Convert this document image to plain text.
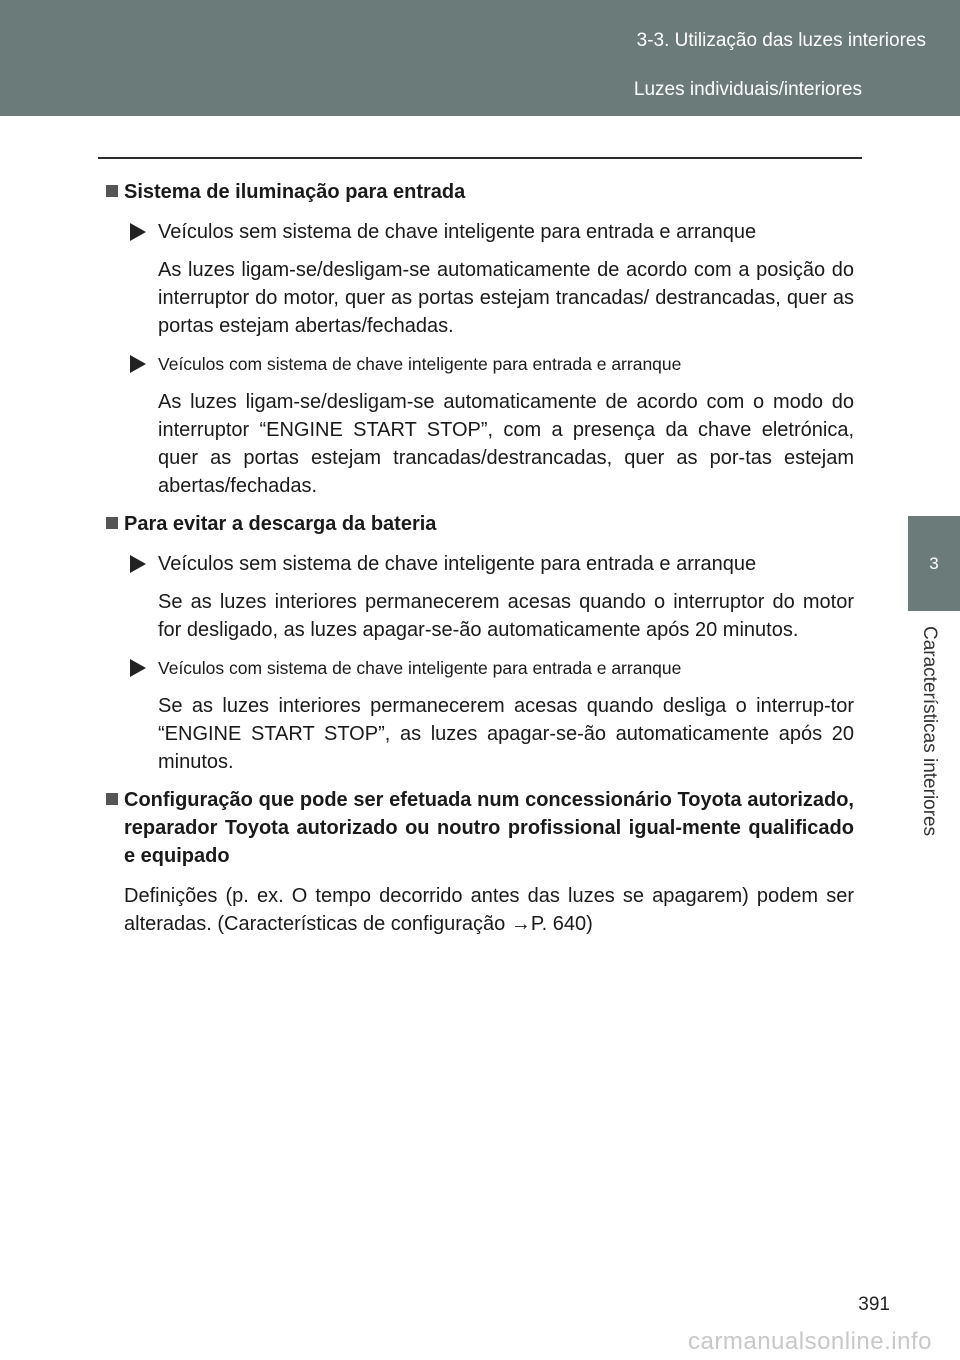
3-3. Utilização das luzes interiores
Luzes individuais/interiores
3
Características interiores
Sistema de iluminação para entrada
Veículos sem sistema de chave inteligente para entrada e arranque

As luzes ligam-se/desligam-se automaticamente de acordo com a posição do interruptor do motor, quer as portas estejam trancadas/ destrancadas, quer as portas estejam abertas/fechadas.

Veículos com sistema de chave inteligente para entrada e arranque

As luzes ligam-se/desligam-se automaticamente de acordo com o modo do interruptor “ENGINE START STOP”, com a presença da chave eletrónica, quer as portas estejam trancadas/destrancadas, quer as por-tas estejam abertas/fechadas.

Para evitar a descarga da bateria
Veículos sem sistema de chave inteligente para entrada e arranque

Se as luzes interiores permanecerem acesas quando o interruptor do motor for desligado, as luzes apagar-se-ão automaticamente após 20 minutos.

Veículos com sistema de chave inteligente para entrada e arranque

Se as luzes interiores permanecerem acesas quando desliga o interrup-tor “ENGINE START STOP”, as luzes apagar-se-ão automaticamente após 20 minutos.

Configuração que pode ser efetuada num concessionário Toyota autorizado, reparador Toyota autorizado ou noutro profissional igual-mente qualificado e equipado

Definições (p. ex. O tempo decorrido antes das luzes se apagarem) podem ser alteradas. (Características de configuração →P. 640)

391
carmanualsonline.info
